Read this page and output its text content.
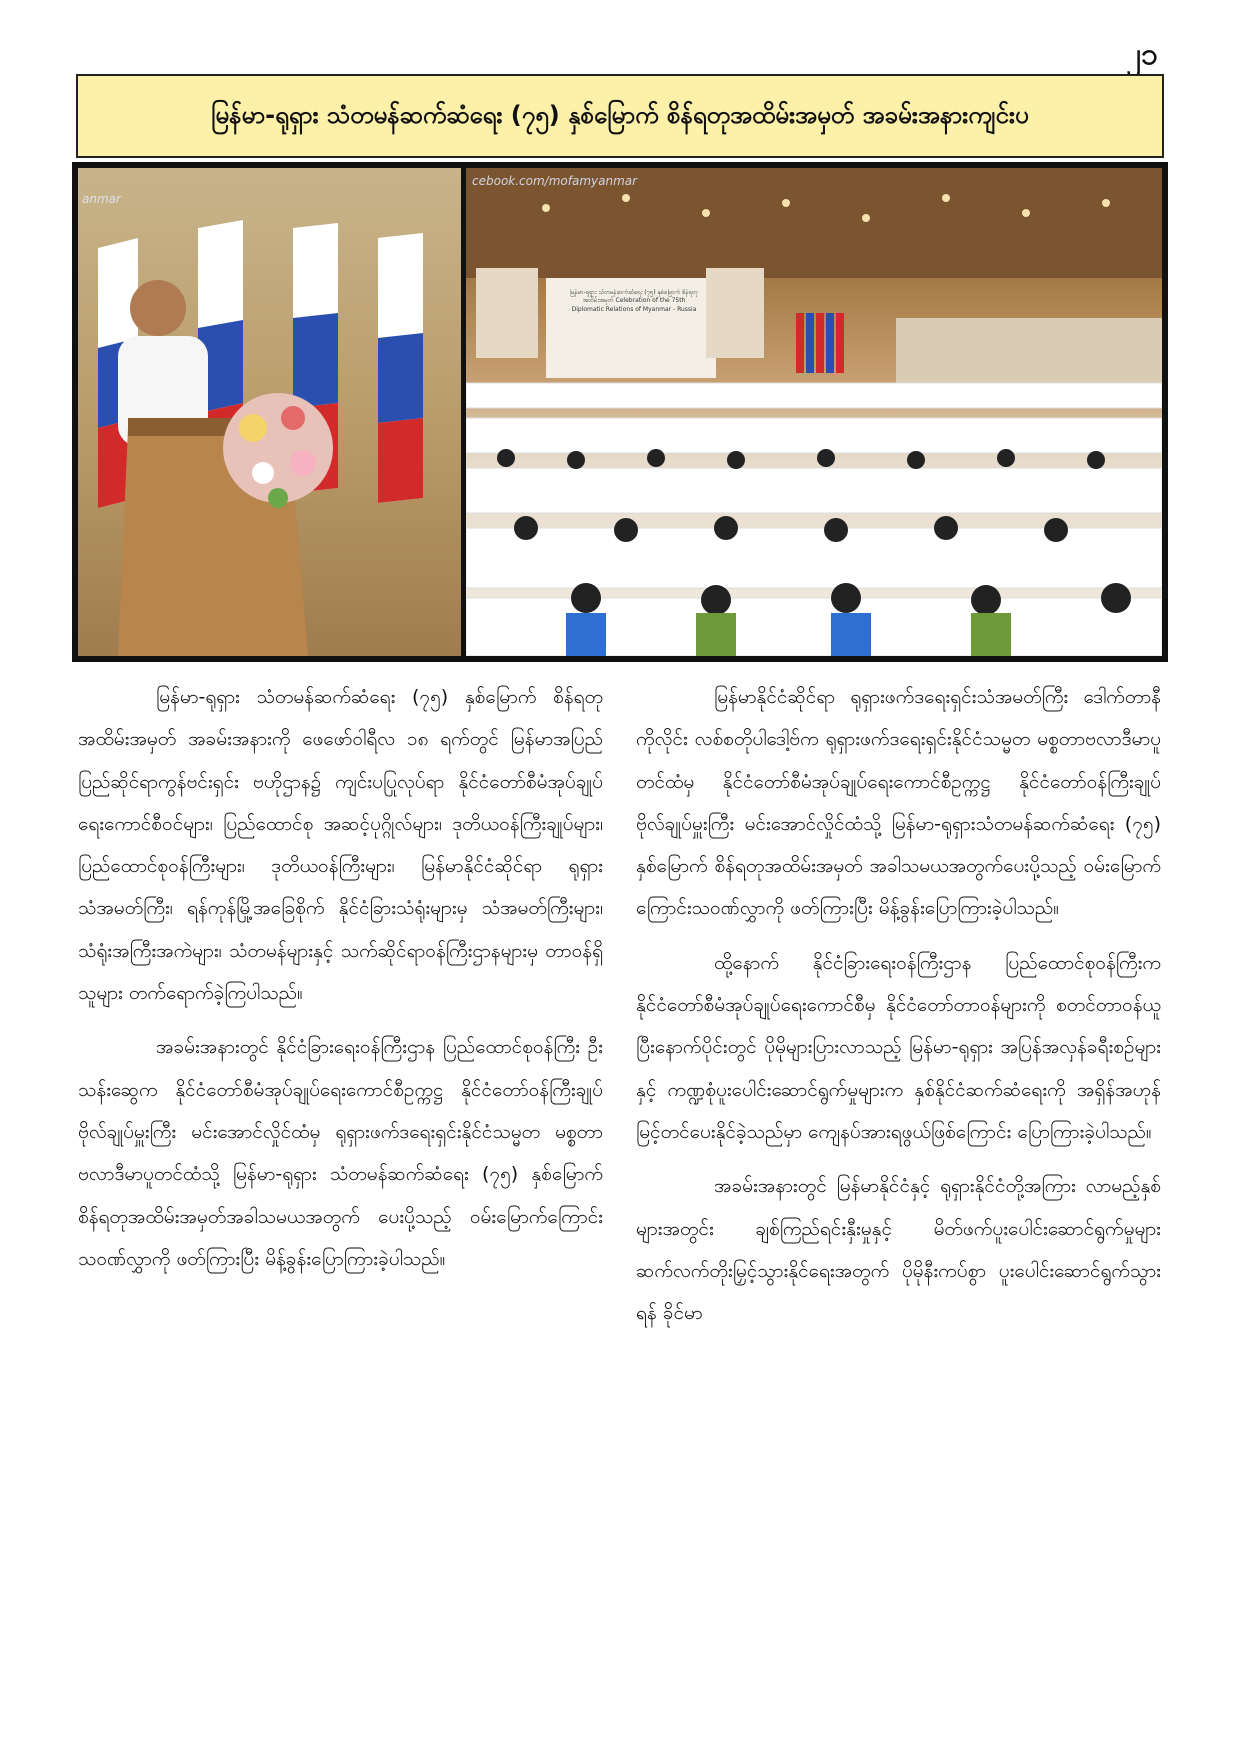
၂၁
မြန်မာ-ရုရှား သံတမန်ဆက်ဆံရေး (၇၅) နှစ်မြောက် စိန်ရတုအထိမ်းအမှတ် အခမ်းအနားကျင်းပ
anmar
cebook.com/mofamyanmar
မြန်မာ-ရုရှား သံတမန်ဆက်ဆံရေး (၇၅) နှစ်မြောက် စိန်ရတုအထိမ်းအမှတ် Celebration of the 75th Diplomatic Relations of Myanmar - Russia

မြန်မာ-ရုရှား သံတမန်ဆက်ဆံရေး (၇၅) နှစ်မြောက် စိန်ရတုအထိမ်းအမှတ် အခမ်းအနားကို ဖေဖော်ဝါရီလ ၁၈ ရက်တွင် မြန်မာအပြည်ပြည်ဆိုင်ရာကွန်ဗင်းရှင်း ဗဟိုဌာန၌ ကျင်းပပြုလုပ်ရာ နိုင်ငံတော်စီမံအုပ်ချုပ်ရေးကောင်စီဝင်များ၊ ပြည်ထောင်စု အဆင့်ပုဂ္ဂိုလ်များ၊ ဒုတိယဝန်ကြီးချုပ်များ၊ ပြည်ထောင်စုဝန်ကြီးများ၊ ဒုတိယဝန်ကြီးများ၊ မြန်မာနိုင်ငံဆိုင်ရာ ရုရှားသံအမတ်ကြီး၊ ရန်ကုန်မြို့အခြေစိုက် နိုင်ငံခြားသံရုံးများမှ သံအမတ်ကြီးများ၊ သံရုံးအကြီးအကဲများ၊ သံတမန်များနှင့် သက်ဆိုင်ရာဝန်ကြီးဌာနများမှ တာဝန်ရှိသူများ တက်ရောက်ခဲ့ကြပါသည်။

အခမ်းအနားတွင် နိုင်ငံခြားရေးဝန်ကြီးဌာန ပြည်ထောင်စုဝန်ကြီး ဦးသန်းဆွေက နိုင်ငံတော်စီမံအုပ်ချုပ်ရေးကောင်စီဥက္ကဋ္ဌ နိုင်ငံတော်ဝန်ကြီးချုပ် ဗိုလ်ချုပ်မှူးကြီး မင်းအောင်လှိုင်ထံမှ ရုရှားဖက်ဒရေးရှင်းနိုင်ငံသမ္မတ မစ္စတာဗလာဒီမာပူတင်ထံသို့ မြန်မာ-ရုရှား သံတမန်ဆက်ဆံရေး (၇၅) နှစ်မြောက် စိန်ရတုအထိမ်းအမှတ်အခါသမယအတွက် ပေးပို့သည့် ဝမ်းမြောက်ကြောင်းသဝဏ်လွှာကို ဖတ်ကြားပြီး မိန့်ခွန်းပြောကြားခဲ့ပါသည်။

မြန်မာနိုင်ငံဆိုင်ရာ ရုရှားဖက်ဒရေးရှင်းသံအမတ်ကြီး ဒေါက်တာနီကိုလိုင်း လစ်စတိုပါဒေါ့ဗ်က ရုရှားဖက်ဒရေးရှင်းနိုင်ငံသမ္မတ မစ္စတာဗလာဒီမာပူတင်ထံမှ နိုင်ငံတော်စီမံအုပ်ချုပ်ရေးကောင်စီဥက္ကဋ္ဌ နိုင်ငံတော်ဝန်ကြီးချုပ် ဗိုလ်ချုပ်မှူးကြီး မင်းအောင်လှိုင်ထံသို့ မြန်မာ-ရုရှားသံတမန်ဆက်ဆံရေး (၇၅) နှစ်မြောက် စိန်ရတုအထိမ်းအမှတ် အခါသမယအတွက်ပေးပို့သည့် ဝမ်းမြောက်ကြောင်းသဝဏ်လွှာကို ဖတ်ကြားပြီး မိန့်ခွန်းပြောကြားခဲ့ပါသည်။

ထို့နောက် နိုင်ငံခြားရေးဝန်ကြီးဌာန ပြည်ထောင်စုဝန်ကြီးက နိုင်ငံတော်စီမံအုပ်ချုပ်ရေးကောင်စီမှ နိုင်ငံတော်တာဝန်များကို စတင်တာဝန်ယူပြီးနောက်ပိုင်းတွင် ပိုမိုများပြားလာသည့် မြန်မာ-ရုရှား အပြန်အလှန်ခရီးစဉ်များနှင့် ကဏ္ဍစုံပူးပေါင်းဆောင်ရွက်မှုများက နှစ်နိုင်ငံဆက်ဆံရေးကို အရှိန်အဟုန်မြင့်တင်ပေးနိုင်ခဲ့သည်မှာ ကျေနပ်အားရဖွယ်ဖြစ်ကြောင်း ပြောကြားခဲ့ပါသည်။

အခမ်းအနားတွင် မြန်မာနိုင်ငံနှင့် ရုရှားနိုင်ငံတို့အကြား လာမည့်နှစ်များအတွင်း ချစ်ကြည်ရင်းနှီးမှုနှင့် မိတ်ဖက်ပူးပေါင်းဆောင်ရွက်မှုများ ဆက်လက်တိုးမြှင့်သွားနိုင်ရေးအတွက် ပိုမိုနီးကပ်စွာ ပူးပေါင်းဆောင်ရွက်သွားရန် ခိုင်မာ
